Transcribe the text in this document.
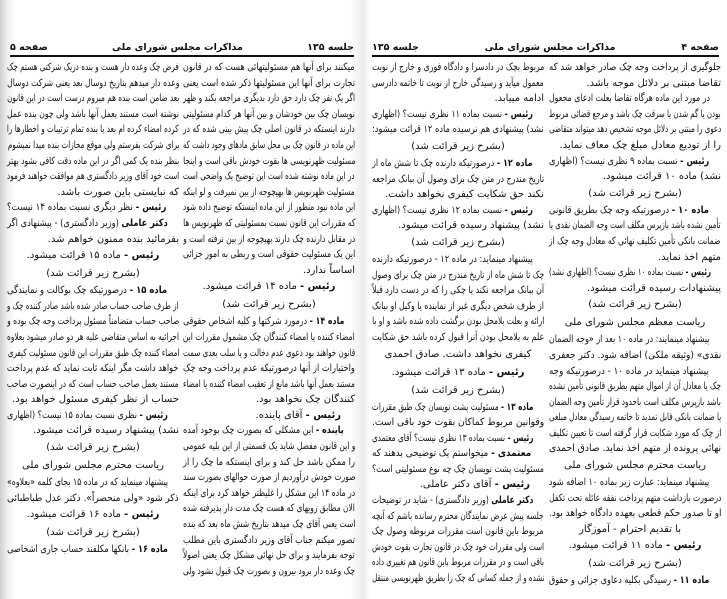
صفحه ۵	مذاکرات مجلس شورای ملی	جلسه ۱۳۵
فرض چک وعده دار هست و بنده دریک شرکتی هستم چک
وعده دار میدهم بتاریخ دوسال بعد یعنی شرکت دوسال
بعد ضامن است بنده هم میروم درست است در این قانون
نوشته است مستند بعمل آنها باشد ولی چون بنده عمل
کرده امضاء کرده ام بعد یا بنده تمام ترتیبات و اخطارها را
برای شرکت بفرستم ولی موقع مجازات بنده میدا نمیشوم
بنظر بنده یک کمی اگر در این ماده دقت کافی بشود بهتر
است خود آقای وزیر دادگستری هم موافقت خواهند فرمود
که نبایستی باین صورت باشد.
رئیس - نظر دیگری نسبت بماده ۱۴ نیست؟
دکتر عاملی (وزیر دادگستری) - پیشنهادی اگر
بفرمائید بنده ممنون خواهم شد.
رئیس - ماده ۱۵ قرائت میشود.
(بشرح زیر قرائت شد)
ماده ۱۵ - درصورتیکه چک بوکالت و نمایندگی
از طرف صاحب حساب صادر شده باشد صادر کننده چک و
صاحب حساب متضامناً مسئول پرداخت وجه چک بوده و
اجرائیه به اساس متقاضی علیه هر دو صادر میشود بعلاوه
امضاء کننده چک طبق مقررات این قانون مسئولیت کیفری
خواهد داشت مگر اینکه ثابت نماید که عدم پرداخت
مستند بعمل صاحب حساب است که در اینصورت صاحب
حساب از نظر کیفری مسئول خواهد بود.
رئیس - نظری نسبت بماده ۱۵ نیست؟ (اظهاری
نشد) پیشنهاد رسیده قرائت میشود.
(بشرح زیر قرائت شد)
ریاست محترم مجلس شورای ملی
پیشنهاد مینماید که در ماده ۱۵ بجای کلمه «بعلاوه»
ذکر شود «ولی منحصراً». دکتر عدل طباطبائی
رئیس - ماده ۱۶ قرائت میشود.
(بشرح زیر قرائت شد)
ماده ۱۶ - بانکها مکلفند حساب جاری اشخاصی
میکنند برای آنها هم مسئولیتهائی هست که در قانون
تجارت برای آنها این مسئولیتها ذکر شده است یعنی
اگر یک نفر چک دارد حق دارد بدیگری مراجعه بکند و ظهر
نویسان چک بین خودشان و بین آنها هر کدام مسئولیتی
دارند اینستکه در قانون اصلی چک پیش بینی شده که در
این ماده در قانون چک بی محل سابق مادهای وجود داشت که
مسئولیت ظهرنویسی ها بقوت خودش باقی است و اینجا
در این ماده نوشته شده است این توضیح یک واضحی است
مسئولیت ظهرنویس ها بهیچوجه از بین نمیرفت و لو اینکه
این ماده نبود منظور از این ماده اینستکه توضیح داده شود
که مقررات این قانون نسبت بمسئولیتی که ظهرنویس ها
در مقابل دارنده چک دارند بهیچوجه از بین نرفته است و
این یک مسئولیت حقوقی است و ربطی به امور جزائی
اساساً ندارد.
رئیس - ماده ۱۴ قرائت میشود.
(بشرح زیر قرائت شد)
ماده ۱۴ - درمورد شرکتها و کلیه اشخاص حقوقی
امضاء کننده یا امضاء کنندگان چک مشمول مقررات این
قانون خواهند بود دعوی عدم دخالت و یا سلب بعدی سمت
واختیارات از آنها درصورتیکه عدم پرداخت وجه چک
مستند بعمل آنها باشد مانع از تعقیب امضاء کننده یا امضاء
کنندگان چک نخواهد بود.
رئیس - آقای پاینده.
پاینده - این مشکلی که بصورت چک بوجود آمده
و این قانون مفصل شاید یک قسمتی از این بلیه عمومی
را ممکن باشد حل کند و برای اینستکه ما چک را از
صورت خودش درآوردیم از صورت حوالهای بصورت سند
در ماده ۱۴ این مشکل را غلیظتر خواهد کرد برای اینکه
الان مطابق رویهای که هست چک مدت دار پذیرفته شده
است یعنی آقای چک میدهد بتاریخ شش ماه بعد که بنده
تصور میکنم جناب آقای وزیر دادگستری باین مطلب
توجه بفرمایند و برای حل نهائی مشکل چک یعنی اصولاً
چک وعده دار برود بیرون و بصورت چک قبول نشود ولی
جلسه ۱۳۵	مذاکرات مجلس شورای ملی	صفحه ۴
مربوط بچک در دادسرا و دادگاه فوری و خارج از نوبت
معمول میآید و رسیدگی خارج از نوبت تا خاتمه دادرسی
ادامه مییابد.
رئیس - نسبت بماده ۱۱ نظری نیست؟ (اظهاری
نشد) پیشنهادی هم نرسیده ماده ۱۲ قرائت میشود:
(بشرح زیر قرائت شد)
ماده ۱۲ - درصورتیکه دارنده چک تا شش ماه از
تاریخ مندرج در متن چک برای وصول آن ببانک مراجعه
نکند حق شکایت کیفری نخواهد داشت.
رئیس - نسبت بماده ۱۲ نظری نیست؟ (اظهاری
نشد) پیشنهاد رسیده قرائت میشود.
(بشرح زیر قرائت شد)
پیشنهاد مینماید: در ماده ۱۲ - درصورتیکه دارنده
چک تا شش ماه از تاریخ مندرج در متن چک برای وصول
آن ببانک مراجعه نکند یا چکی را که در دست دارد قبلاً
از طرف شخص دیگری غیر از نماینده یا وکیل او ببانک
ارائه و بعلت بلامحل بودن برگشت داده شده باشد و او با
علم به بلامحل بودن آنرا قبول کرده باشد حق شکایت
کیفری نخواهد داشت. صادق احمدی
رئیس - ماده ۱۳ قرائت میشود.
(بشرح زیر قرائت شد)
ماده ۱۳ - مسئولیت پشت نویسان چک طبق مقررات
وقوانین مربوط کماکان بقوت خود باقی است.
رئیس - نسبت بماده ۱۳ نظری نیست؟ آقای معتمدی
معتمدی - میخواستم یک توضیحی بدهند که
مسئولیت پشت نویسان چک چه نوع مسئولیتی است؟
رئیس - آقای دکتر عاملی.
دکتر عاملی (وزیر دادگستری) - شاید در توضیحات
جلسه پیش عرض نمایندگان محترم رسانده باشم که آنچه
مربوط باین قانون است مقررات مربوطه وصول چک
است ولی مقررات خود چک در قانون تجارت بقوت خودش
باقی است و در مقررات مربوط باین قانون هم تغییری داده
نشده و از جمله کسانی که چک را بطریق ظهرنویسی منتقل
جلوگیری از پرداخت وجه چک صادر خواهد شد که
تقاضا مبتنی بر دلائل موجه باشد.
در مورد این ماده هرگاه تقاضا بعلت ادعای مجعول
بودن یا گم شدن یا سرقت چک باشد و مرجع قضائی مربوط
دعوی را مبتنی بر دلائل موجه تشخیص دهد میتواند متقاضی
را از تودیع معادل مبلغ چک معاف نماید.
رئیس - نسبت بماده ۹ نظری نیست؟ (اظهاری
نشد) ماده ۱۰ قرائت میشود.
(بشرح زیر قرائت شد)
ماده ۱۰ - درصورتیکه وجه چک بطریق قانونی
تأمین نشده باشد بازپرس مکلف است وجه الضمان نقدی یا
ضمانت بانکی تأمین تکلیف نهائی که معادل وجه چک از
متهم اخذ نماید.
رئیس - نسبت بماده ۱۰ نظری نیست؟ (اظهاری نشد)
پیشنهادات رسیده قرائت میشود.
(بشرح زیر قرائت شد)
ریاست معظم مجلس شورای ملی
پیشنهاد مینمایند: در ماده ۱۰ بعد از «وجه الضمان
نقدی» (وثیقه ملکی) اضافه شود. دکتر جعفری
پیشنهاد مینماید در ماده ۱۰ - درصورتیکه وجه
چک یا معادل آن از اموال متهم بطریق قانونی تأمین نشده
باشد بازپرس مکلف است باحدود قرار تأمین وجه الضمان
یا ضمانت بانکی قابل تمدید تا خاتمه رسیدگی معادل مبلغی
از چک که مورد شکایت قرار گرفته است تا تعیین تکلیف
نهائی پرونده از متهم اخذ نماید. صادق احمدی
ریاست محترم مجلس شورای ملی
پیشنهاد مینماید: عبارت زیر بماده ۱۰ اضافه شود
درصورت بازداشت متهم پرداخت نفقه عائله تحت تکفل
او تا صدور حکم قطعی بعهده دادگاه خواهد بود.
با تقدیم احترام - آموزگار
رئیس - ماده ۱۱ قرائت میشود.
(بشرح زیر قرائت شد)
ماده ۱۱ - رسیدگی بکلیه دعاوی جزائی و حقوق
